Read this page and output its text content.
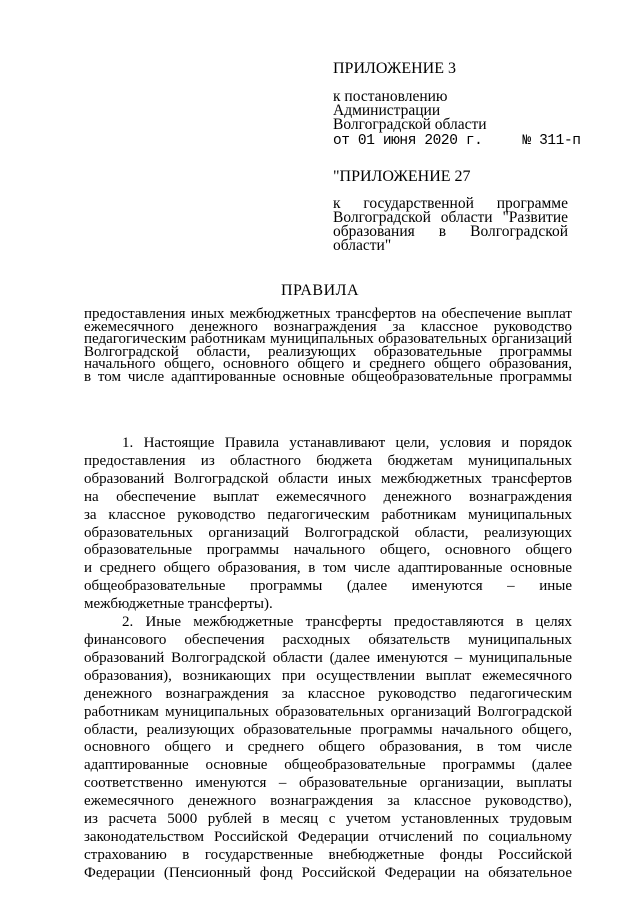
ПРИЛОЖЕНИЕ 3
к постановлению
Администрации
Волгоградской области
от 01 июня 2020 г.	№ 311-п
"ПРИЛОЖЕНИЕ 27
к государственной программе
Волгоградской области "Развитие
образования в Волгоградской области"
ПРАВИЛА
предоставления иных межбюджетных трансфертов на обеспечение выплат
ежемесячного денежного вознаграждения за классное руководство
педагогическим работникам муниципальных образовательных организаций
Волгоградской области, реализующих образовательные программы
начального общего, основного общего и среднего общего образования,
в том числе адаптированные основные общеобразовательные программы
1. Настоящие Правила устанавливают цели, условия и порядок
предоставления из областного бюджета бюджетам муниципальных
образований Волгоградской области иных межбюджетных трансфертов
на обеспечение выплат ежемесячного денежного вознаграждения
за классное руководство педагогическим работникам муниципальных
образовательных организаций Волгоградской области, реализующих
образовательные программы начального общего, основного общего
и среднего общего образования, в том числе адаптированные основные
общеобразовательные программы (далее именуются – иные
межбюджетные трансферты).
2. Иные межбюджетные трансферты предоставляются в целях
финансового обеспечения расходных обязательств муниципальных
образований Волгоградской области (далее именуются – муниципальные
образования), возникающих при осуществлении выплат ежемесячного
денежного вознаграждения за классное руководство педагогическим
работникам муниципальных образовательных организаций Волгоградской
области, реализующих образовательные программы начального общего,
основного общего и среднего общего образования, в том числе
адаптированные основные общеобразовательные программы (далее
соответственно именуются – образовательные организации, выплаты
ежемесячного денежного вознаграждения за классное руководство),
из расчета 5000 рублей в месяц с учетом установленных трудовым
законодательством Российской Федерации отчислений по социальному
страхованию в государственные внебюджетные фонды Российской
Федерации (Пенсионный фонд Российской Федерации на обязательное
